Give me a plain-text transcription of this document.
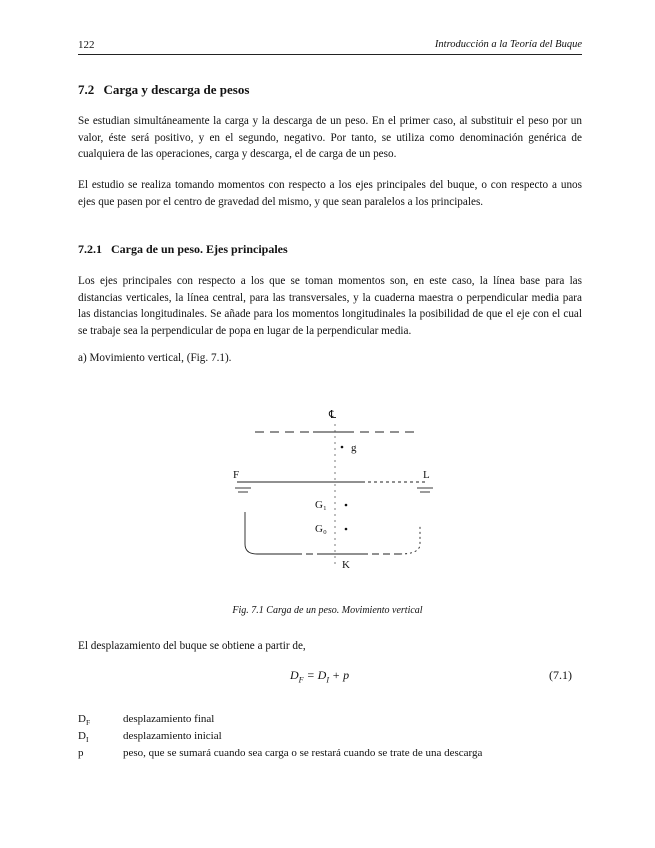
122	Introducción a la Teoría del Buque
7.2 Carga y descarga de pesos

Se estudian simultáneamente la carga y la descarga de un peso. En el primer caso, al substituir el peso por un valor, éste será positivo, y en el segundo, negativo. Por tanto, se utiliza como denominación genérica de cualquiera de las operaciones, carga y descarga, el de carga de un peso.

El estudio se realiza tomando momentos con respecto a los ejes principales del buque, o con respecto a unos ejes que pasen por el centro de gravedad del mismo, y que sean paralelos a los principales.

7.2.1 Carga de un peso. Ejes principales

Los ejes principales con respecto a los que se toman momentos son, en este caso, la línea base para las distancias verticales, la línea central, para las transversales, y la cuaderna maestra o perpendicular media para las distancias longitudinales. Se añade para los momentos longitudinales la posibilidad de que el eje con el cual se trabaje sea la perpendicular de popa en lugar de la perpendicular media.

a) Movimiento vertical, (Fig. 7.1).

℄
g
F	L
G₁
G₀
K
Fig. 7.1 Carga de un peso. Movimiento vertical

El desplazamiento del buque se obtiene a partir de,

$D_F = D_I + p$	(7.1)
$D_F$	desplazamiento final
$D_I$	desplazamiento inicial
p	peso, que se sumará cuando sea carga o se restará cuando se trate de una descarga
